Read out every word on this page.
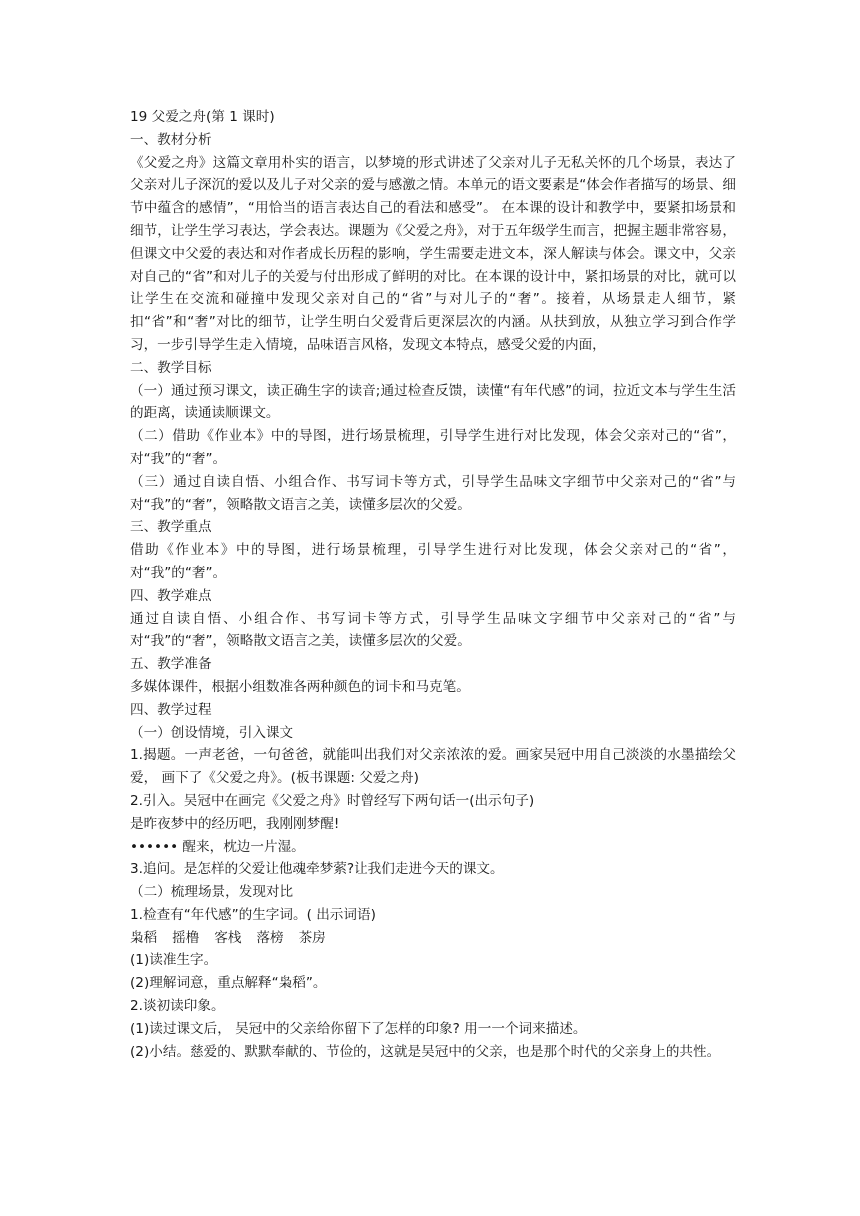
19 父爱之舟(第 1 课时)

一、教材分析

《父爱之舟》这篇文章用朴实的语言，以梦境的形式讲述了父亲对儿子无私关怀的几个场景，表达了父亲对儿子深沉的爱以及儿子对父亲的爱与感激之情。本单元的语文要素是“体会作者描写的场景、细节中蕴含的感情”，“用恰当的语言表达自己的看法和感受”。 在本课的设计和教学中，要紧扣场景和细节，让学生学习表达，学会表达。课题为《父爱之舟》，对于五年级学生而言，把握主题非常容易，但课文中父爱的表达和对作者成长历程的影响，学生需要走进文本，深人解读与体会。课文中，父亲对自己的“省”和对儿子的关爱与付出形成了鲜明的对比。在本课的设计中，紧扣场景的对比，就可以让学生在交流和碰撞中发现父亲对自己的“省”与对儿子的“奢”。接着，从场景走人细节，紧扣“省”和“奢”对比的细节，让学生明白父爱背后更深层次的内涵。从扶到放，从独立学习到合作学习，一步引导学生走入情境，品味语言风格，发现文本特点，感受父爱的内面，

二、教学目标

（一）通过预习课文，读正确生字的读音;通过检查反馈，读懂“有年代感”的词，拉近文本与学生生活的距离，读通读顺课文。

（二）借助《作业本》中的导图，进行场景梳理，引导学生进行对比发现，体会父亲对己的“省”，对“我”的“奢”。

（三）通过自读自悟、小组合作、书写词卡等方式，引导学生品味文字细节中父亲对己的“省”与对“我”的“奢”，领略散文语言之美，读懂多层次的父爱。

三、教学重点

借助《作业本》中的导图，进行场景梳理，引导学生进行对比发现，体会父亲对己的“省”，对“我”的“奢”。

四、教学难点

通过自读自悟、小组合作、书写词卡等方式，引导学生品味文字细节中父亲对己的“省”与对“我”的“奢”，领略散文语言之美，读懂多层次的父爱。

五、教学准备

多媒体课件，根据小组数准各两种颜色的词卡和马克笔。

四、教学过程

（一）创设情境，引入课文

1.揭题。一声老爸，一句爸爸，就能叫出我们对父亲浓浓的爱。画家吴冠中用自己淡淡的水墨描绘父爱， 画下了《父爱之舟》。(板书课题: 父爱之舟)

2.引入。吴冠中在画完《父爱之舟》时曾经写下两句话一(出示句子)

是昨夜梦中的经历吧，我刚刚梦醒!

•••••• 醒来，枕边一片湿。

3.追问。是怎样的父爱让他魂牵梦萦?让我们走进今天的课文。

（二）梳理场景，发现对比

1.检查有“年代感”的生字词。( 出示词语)

枭稻 摇橹 客栈 落榜 茶房

(1)读准生字。

(2)理解词意，重点解释“枭稻”。

2.谈初读印象。

(1)读过课文后， 吴冠中的父亲给你留下了怎样的印象? 用一一个词来描述。

(2)小结。慈爱的、默默奉献的、节俭的，这就是吴冠中的父亲，也是那个时代的父亲身上的共性。
